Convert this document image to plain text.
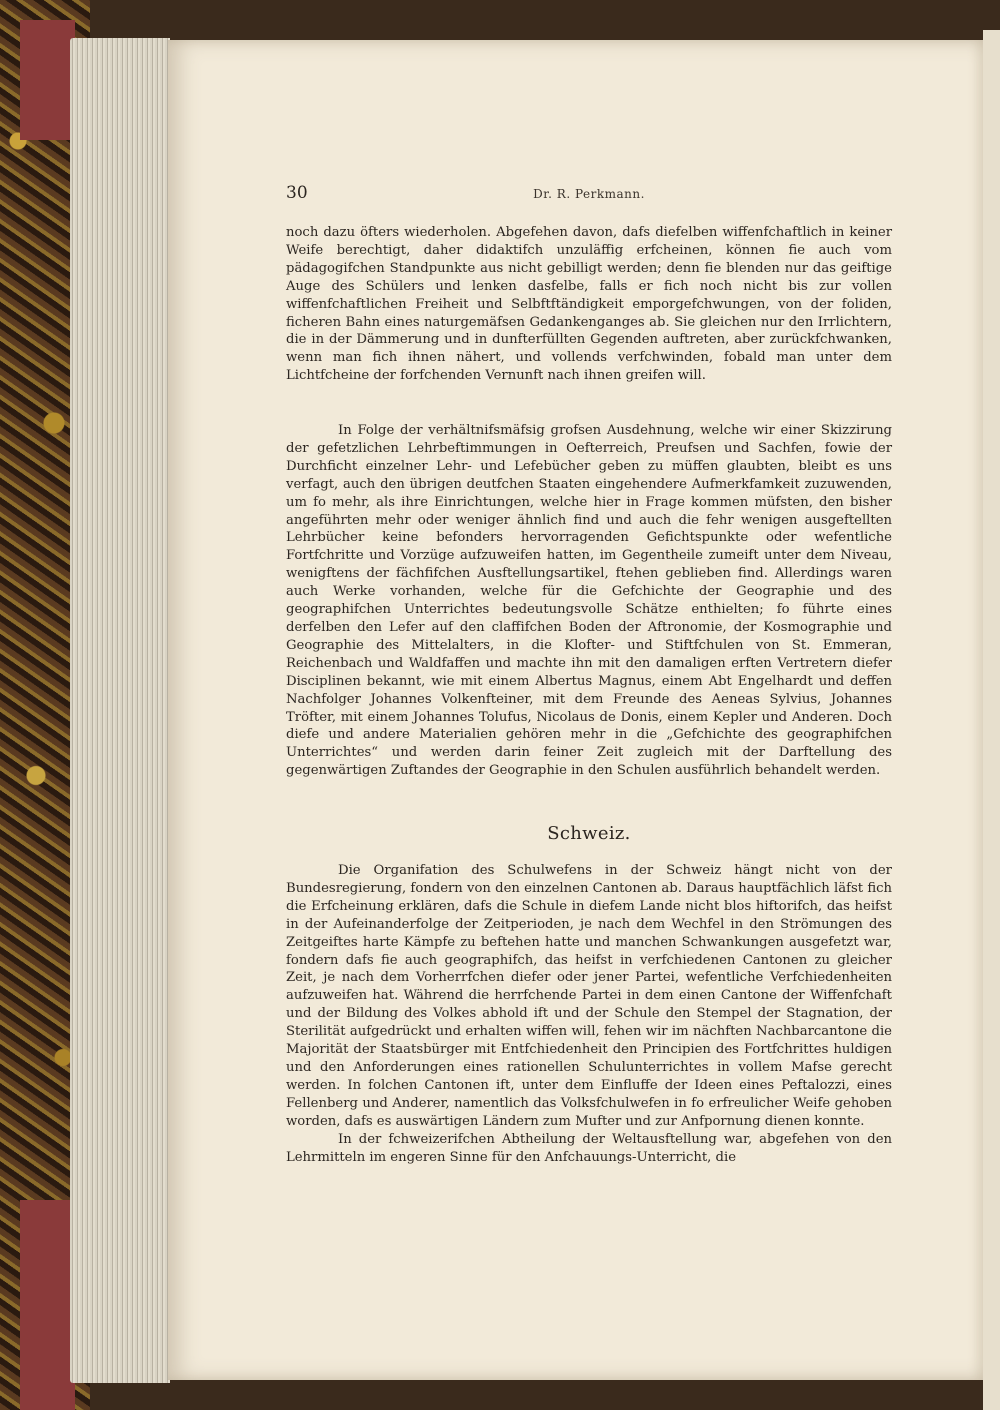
30	Dr. R. Perkmann.

noch dazu öfters wiederholen. Abgefehen davon, dafs diefelben wiffenfchaftlich in keiner Weife berechtigt, daher didaktifch unzuläffig erfcheinen, können fie auch vom pädagogifchen Standpunkte aus nicht gebilligt werden; denn fie blenden nur das geiftige Auge des Schülers und lenken dasfelbe, falls er fich noch nicht bis zur vollen wiffenfchaftlichen Freiheit und Selbftftändigkeit emporgefchwungen, von der foliden, ficheren Bahn eines naturgemäfsen Gedankenganges ab. Sie gleichen nur den Irrlichtern, die in der Dämmerung und in dunfterfüllten Gegenden auftreten, aber zurückfchwanken, wenn man fich ihnen nähert, und vollends verfchwinden, fobald man unter dem Lichtfcheine der forfchenden Vernunft nach ihnen greifen will.

In Folge der verhältnifsmäfsig grofsen Ausdehnung, welche wir einer Skizzirung der gefetzlichen Lehrbeftimmungen in Oefterreich, Preufsen und Sachfen, fowie der Durchficht einzelner Lehr- und Lefebücher geben zu müffen glaubten, bleibt es uns verfagt, auch den übrigen deutfchen Staaten eingehendere Aufmerkfamkeit zuzuwenden, um fo mehr, als ihre Einrichtungen, welche hier in Frage kommen müfsten, den bisher angeführten mehr oder weniger ähnlich find und auch die fehr wenigen ausgeftellten Lehrbücher keine befonders hervorragenden Gefichtspunkte oder wefentliche Fortfchritte und Vorzüge aufzuweifen hatten, im Gegentheile zumeift unter dem Niveau, wenigftens der fächfifchen Ausftellungsartikel, ftehen geblieben find. Allerdings waren auch Werke vorhanden, welche für die Gefchichte der Geographie und des geographifchen Unterrichtes bedeutungsvolle Schätze enthielten; fo führte eines derfelben den Lefer auf den claffifchen Boden der Aftronomie, der Kosmographie und Geographie des Mittelalters, in die Klofter- und Stiftfchulen von St. Emmeran, Reichenbach und Waldfaffen und machte ihn mit den damaligen erften Vertretern diefer Disciplinen bekannt, wie mit einem Albertus Magnus, einem Abt Engelhardt und deffen Nachfolger Johannes Volkenfteiner, mit dem Freunde des Aeneas Sylvius, Johannes Tröfter, mit einem Johannes Tolufus, Nicolaus de Donis, einem Kepler und Anderen. Doch diefe und andere Materialien gehören mehr in die „Gefchichte des geographifchen Unterrichtes“ und werden darin feiner Zeit zugleich mit der Darftellung des gegenwärtigen Zuftandes der Geographie in den Schulen ausführlich behandelt werden.

Schweiz.

Die Organifation des Schulwefens in der Schweiz hängt nicht von der Bundesregierung, fondern von den einzelnen Cantonen ab. Daraus hauptfächlich läfst fich die Erfcheinung erklären, dafs die Schule in diefem Lande nicht blos hiftorifch, das heifst in der Aufeinanderfolge der Zeitperioden, je nach dem Wechfel in den Strömungen des Zeitgeiftes harte Kämpfe zu beftehen hatte und manchen Schwankungen ausgefetzt war, fondern dafs fie auch geographifch, das heifst in verfchiedenen Cantonen zu gleicher Zeit, je nach dem Vorherrfchen diefer oder jener Partei, wefentliche Verfchiedenheiten aufzuweifen hat. Während die herrfchende Partei in dem einen Cantone der Wiffenfchaft und der Bildung des Volkes abhold ift und der Schule den Stempel der Stagnation, der Sterilität aufgedrückt und erhalten wiffen will, fehen wir im nächften Nachbarcantone die Majorität der Staatsbürger mit Entfchiedenheit den Principien des Fortfchrittes huldigen und den Anforderungen eines rationellen Schulunterrichtes in vollem Mafse gerecht werden. In folchen Cantonen ift, unter dem Einfluffe der Ideen eines Peftalozzi, eines Fellenberg und Anderer, namentlich das Volksfchulwefen in fo erfreulicher Weife gehoben worden, dafs es auswärtigen Ländern zum Mufter und zur Anfpornung dienen konnte.

In der fchweizerifchen Abtheilung der Weltausftellung war, abgefehen von den Lehrmitteln im engeren Sinne für den Anfchauungs-Unterricht, die
